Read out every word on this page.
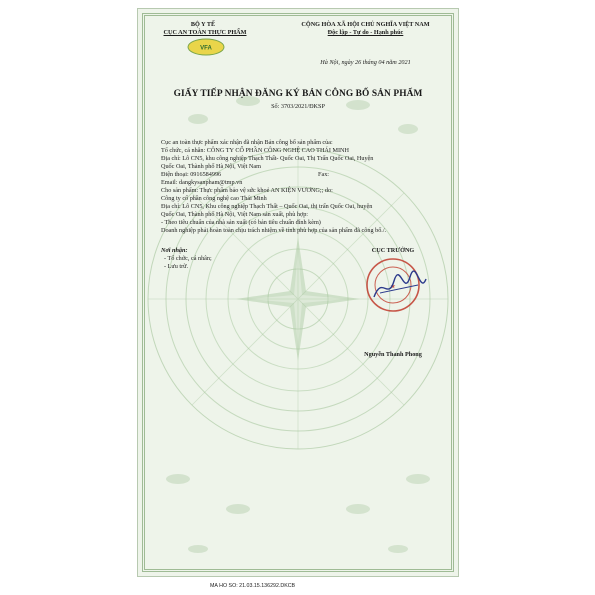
BỘ Y TẾ
CỤC AN TOÀN THỰC PHẨM
VFA
CỘNG HÒA XÃ HỘI CHỦ NGHĨA VIỆT NAM
Độc lập - Tự do - Hạnh phúc
Hà Nội, ngày 26 tháng 04 năm 2021
GIẤY TIẾP NHẬN ĐĂNG KÝ BẢN CÔNG BỐ SẢN PHẨM
Số: 3703/2021/ĐKSP
Cục an toàn thực phẩm xác nhận đã nhận Bản công bố sản phẩm của:
Tổ chức, cá nhân: CÔNG TY CỔ PHẦN CÔNG NGHỆ CAO THÁI MINH
Địa chỉ: Lô CN5, khu công nghiệp Thạch Thất- Quốc Oai, Thị Trấn Quốc Oai, Huyện
Quốc Oai, Thành phố Hà Nội, Việt Nam
Điện thoại: 0916584996	Fax:
Email: dangkysanpham@tmp.vn
Cho sản phẩm: Thực phẩm bảo vệ sức khoẻ AN KIỆN VƯƠNG;; do:
Công ty cổ phần công nghệ cao Thái Minh
Địa chỉ: Lô CN5, Khu công nghiệp Thạch Thất – Quốc Oai, thị trấn Quốc Oai, huyện
Quốc Oai, Thành phố Hà Nội, Việt Nam sản xuất, phù hợp:
- Theo tiêu chuẩn của nhà sản xuất (có bản tiêu chuẩn đính kèm)
Doanh nghiệp phải hoàn toàn chịu trách nhiệm về tính phù hợp của sản phẩm đã công bố./.
Nơi nhận:
- Tổ chức, cá nhân;
- Lưu trữ.
CỤC TRƯỞNG
★
Nguyễn Thanh Phong
MA HO SO: 21.03.15.136292.DKCB
